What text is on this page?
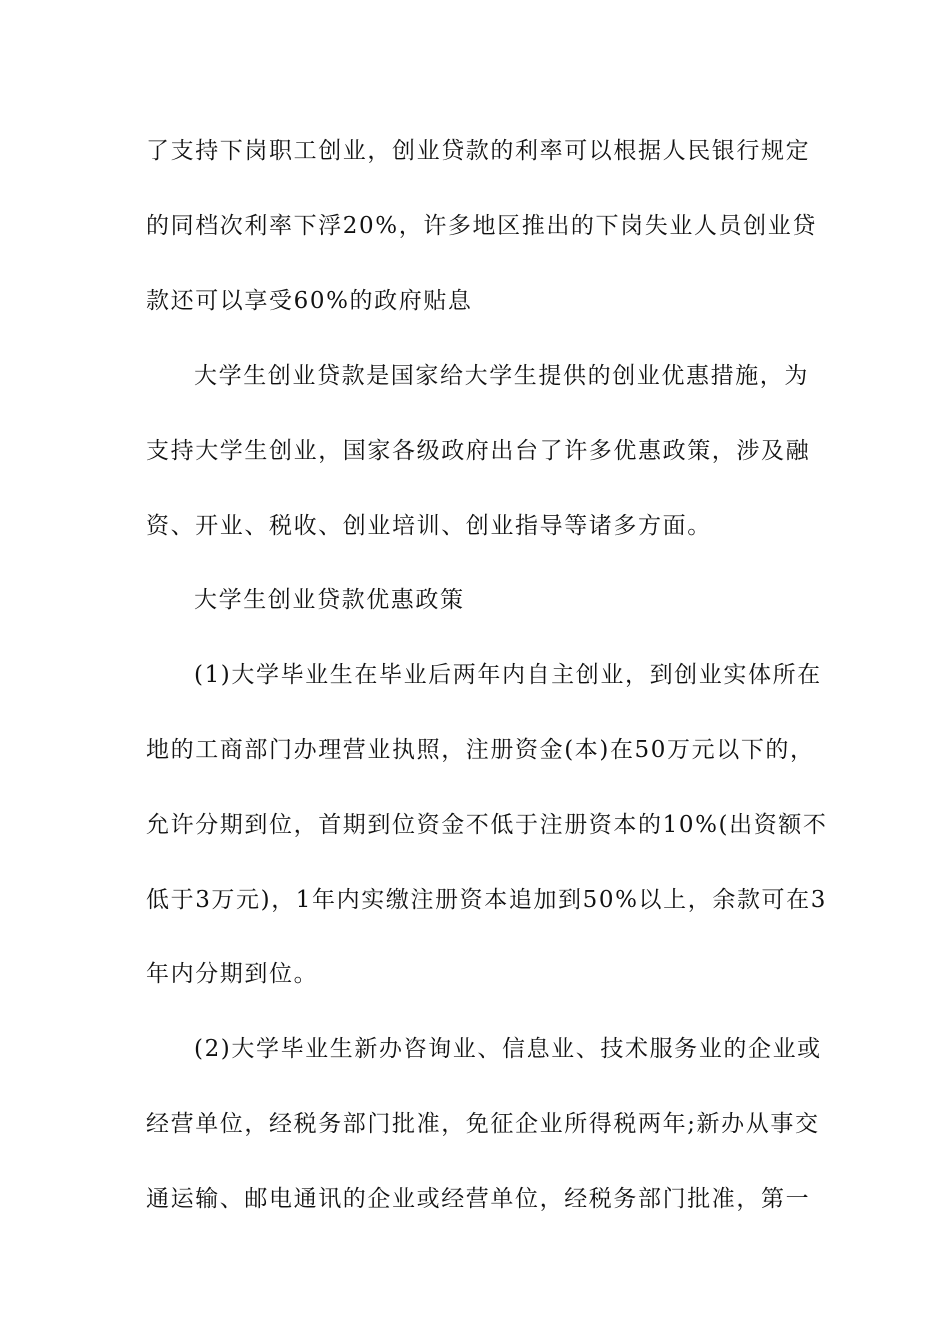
了支持下岗职工创业，创业贷款的利率可以根据人民银行规定
的同档次利率下浮20%，许多地区推出的下岗失业人员创业贷
款还可以享受60%的政府贴息
大学生创业贷款是国家给大学生提供的创业优惠措施，为
支持大学生创业，国家各级政府出台了许多优惠政策，涉及融
资、开业、税收、创业培训、创业指导等诸多方面。
大学生创业贷款优惠政策
(1)大学毕业生在毕业后两年内自主创业，到创业实体所在
地的工商部门办理营业执照，注册资金(本)在50万元以下的，
允许分期到位，首期到位资金不低于注册资本的10%(出资额不
低于3万元)，1年内实缴注册资本追加到50%以上，余款可在3
年内分期到位。
(2)大学毕业生新办咨询业、信息业、技术服务业的企业或
经营单位，经税务部门批准，免征企业所得税两年;新办从事交
通运输、邮电通讯的企业或经营单位，经税务部门批准，第一
